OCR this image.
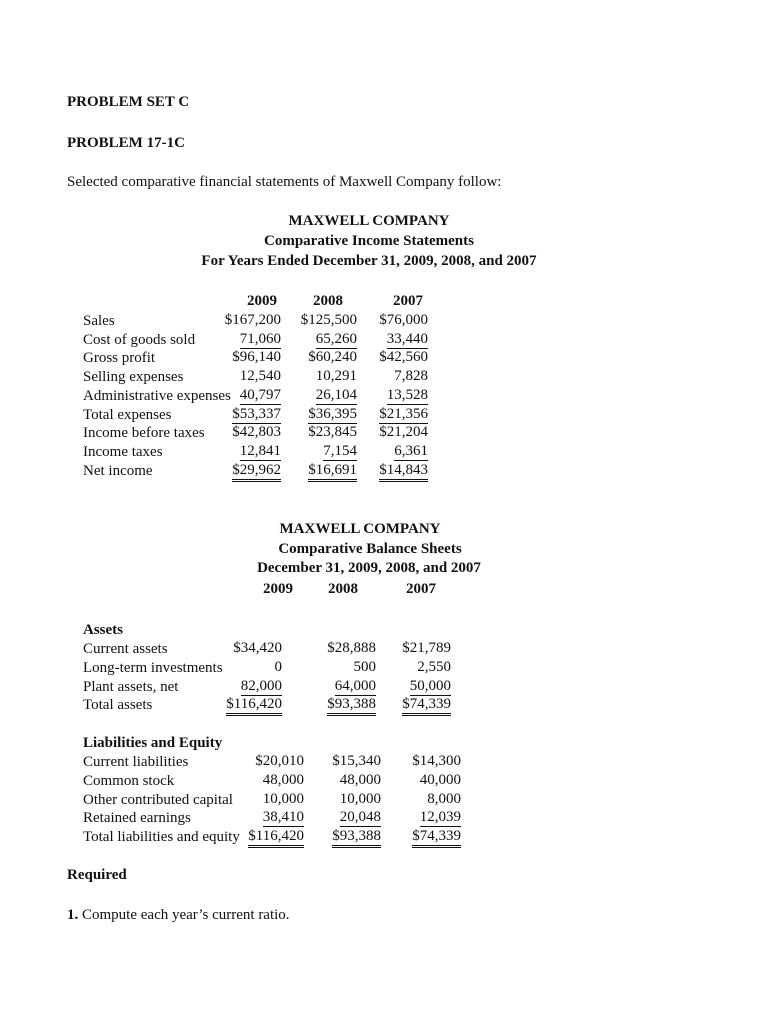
PROBLEM SET C
PROBLEM 17-1C
Selected comparative financial statements of Maxwell Company follow:
MAXWELL COMPANY
Comparative Income Statements
For Years Ended December 31, 2009, 2008, and 2007
2009 2008	2007
Sales	$167,200 $125,500 $76,000
Cost of goods sold	71,060 65,260 33,440
Gross profit	$96,140 $60,240 $42,560
Selling expenses	12,540 10,291 7,828
Administrative expenses 40,797 26,104 13,528
Total expenses	$53,337 $36,395 $21,356
Income before taxes $42,803 $23,845 $21,204
Income taxes	12,841	7,154 6,361
Net income	$29,962 $16,691 $14,843
MAXWELL COMPANY
Comparative Balance Sheets
December 31, 2009, 2008, and 2007
2009 2008	2007
Assets
Current assets	$34,420	$28,888 $21,789
Long-term investments	0	500	2,550
Plant assets, net	82,000	64,000 50,000
Total assets	$116,420	$93,388 $74,339
Liabilities and Equity
Current liabilities	$20,010 $15,340 $14,300
Common stock	48,000 48,000	40,000
Other contributed capital 10,000 10,000	8,000
Retained earnings	38,410 20,048	12,039
Total liabilities and equity $116,420 $93,388 $74,339
Required
1. Compute each year’s current ratio.
